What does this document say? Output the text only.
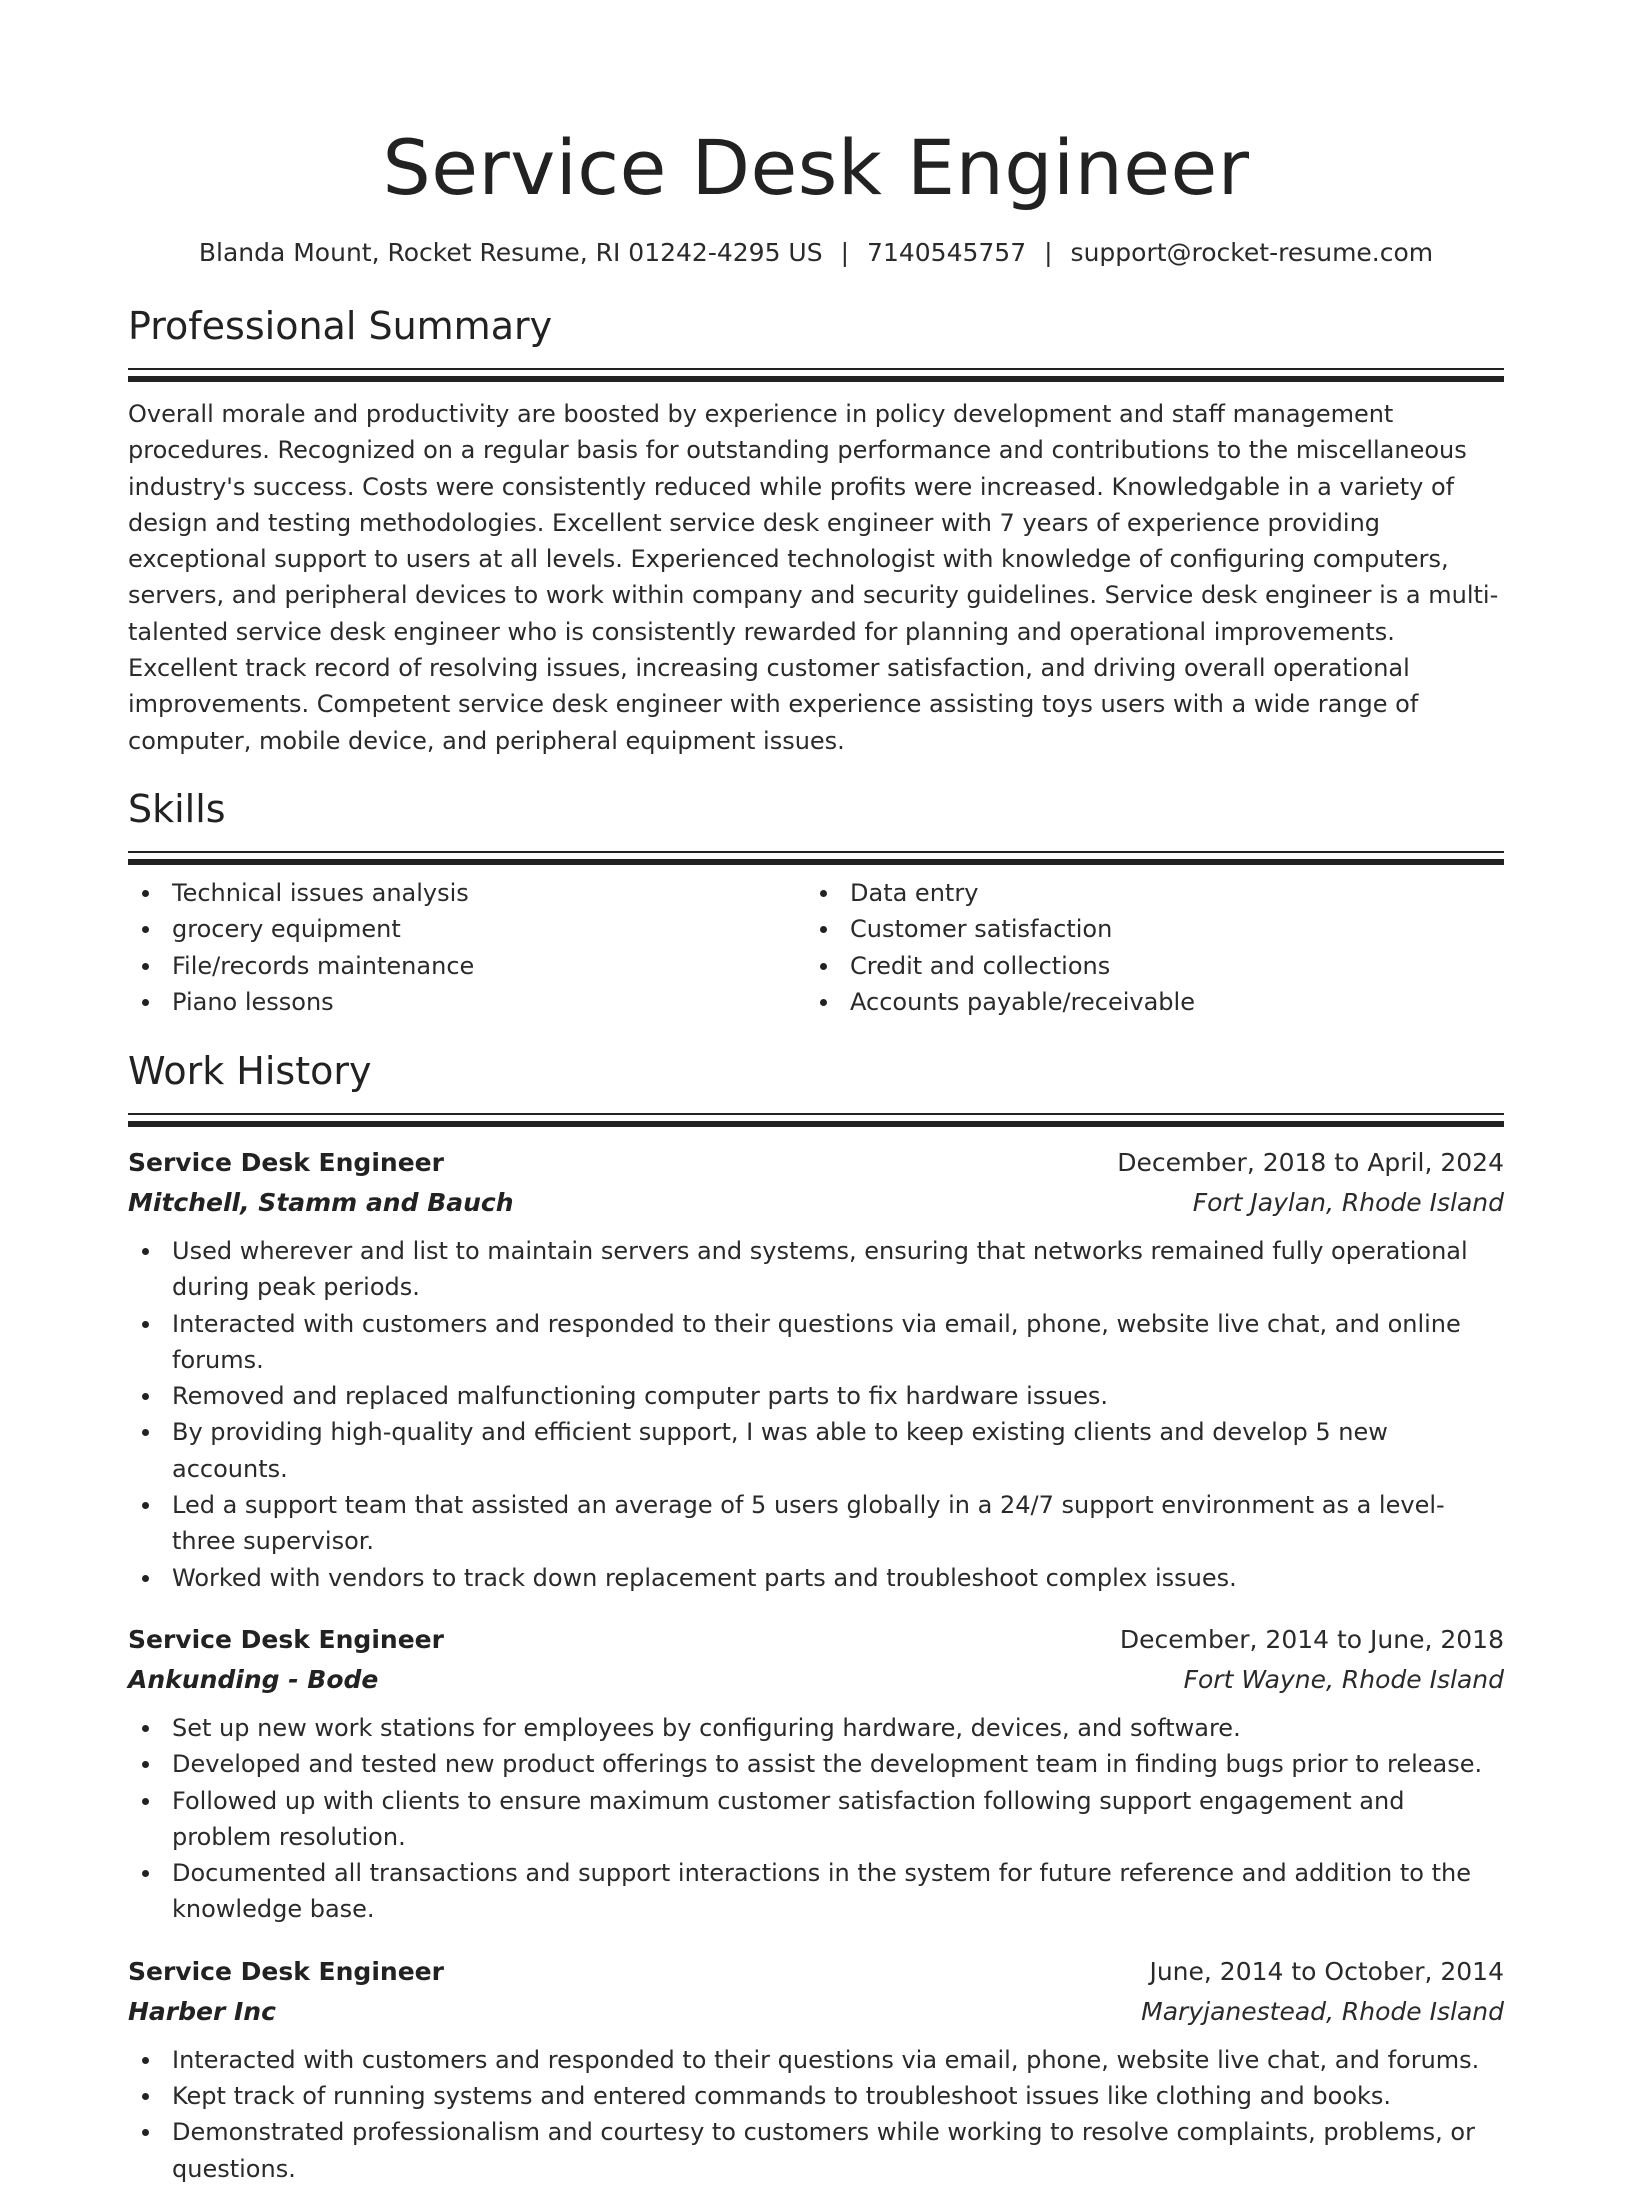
Service Desk Engineer
Blanda Mount, Rocket Resume, RI 01242-4295 US | 7140545757 | support@rocket-resume.com
Professional Summary
Overall morale and productivity are boosted by experience in policy development and staff management procedures. Recognized on a regular basis for outstanding performance and contributions to the miscellaneous industry's success. Costs were consistently reduced while profits were increased. Knowledgable in a variety of design and testing methodologies. Excellent service desk engineer with 7 years of experience providing exceptional support to users at all levels. Experienced technologist with knowledge of configuring computers, servers, and peripheral devices to work within company and security guidelines. Service desk engineer is a multi-talented service desk engineer who is consistently rewarded for planning and operational improvements. Excellent track record of resolving issues, increasing customer satisfaction, and driving overall operational improvements. Competent service desk engineer with experience assisting toys users with a wide range of computer, mobile device, and peripheral equipment issues.
Skills
Technical issues analysis
grocery equipment
File/records maintenance
Piano lessons
Data entry
Customer satisfaction
Credit and collections
Accounts payable/receivable
Work History
Service Desk Engineer	December, 2018 to April, 2024
Mitchell, Stamm and Bauch	Fort Jaylan, Rhode Island
Used wherever and list to maintain servers and systems, ensuring that networks remained fully operational during peak periods.
Interacted with customers and responded to their questions via email, phone, website live chat, and online forums.
Removed and replaced malfunctioning computer parts to fix hardware issues.
By providing high-quality and efficient support, I was able to keep existing clients and develop 5 new accounts.
Led a support team that assisted an average of 5 users globally in a 24/7 support environment as a level-three supervisor.
Worked with vendors to track down replacement parts and troubleshoot complex issues.
Service Desk Engineer	December, 2014 to June, 2018
Ankunding - Bode	Fort Wayne, Rhode Island
Set up new work stations for employees by configuring hardware, devices, and software.
Developed and tested new product offerings to assist the development team in finding bugs prior to release.
Followed up with clients to ensure maximum customer satisfaction following support engagement and problem resolution.
Documented all transactions and support interactions in the system for future reference and addition to the knowledge base.
Service Desk Engineer	June, 2014 to October, 2014
Harber Inc	Maryjanestead, Rhode Island
Interacted with customers and responded to their questions via email, phone, website live chat, and forums.
Kept track of running systems and entered commands to troubleshoot issues like clothing and books.
Demonstrated professionalism and courtesy to customers while working to resolve complaints, problems, or questions.
